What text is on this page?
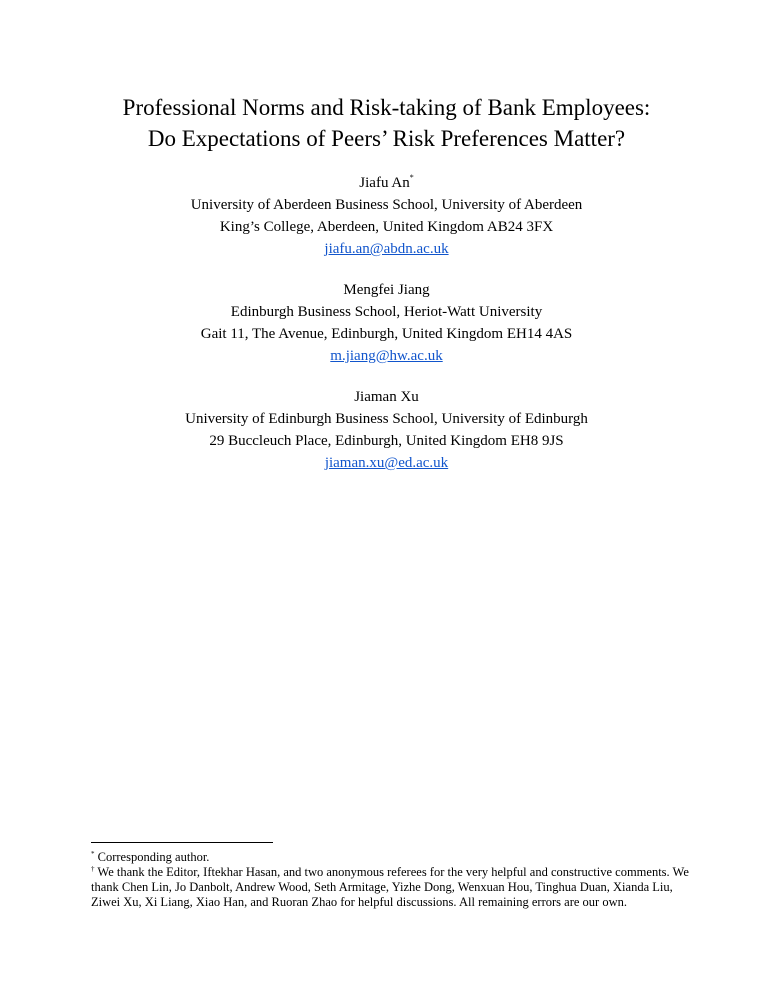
Professional Norms and Risk-taking of Bank Employees:
Do Expectations of Peers’ Risk Preferences Matter?
Jiafu An*
University of Aberdeen Business School, University of Aberdeen
King’s College, Aberdeen, United Kingdom AB24 3FX
jiafu.an@abdn.ac.uk
Mengfei Jiang
Edinburgh Business School, Heriot-Watt University
Gait 11, The Avenue, Edinburgh, United Kingdom EH14 4AS
m.jiang@hw.ac.uk
Jiaman Xu
University of Edinburgh Business School, University of Edinburgh
29 Buccleuch Place, Edinburgh, United Kingdom EH8 9JS
jiaman.xu@ed.ac.uk
* Corresponding author.
† We thank the Editor, Iftekhar Hasan, and two anonymous referees for the very helpful and constructive comments. We thank Chen Lin, Jo Danbolt, Andrew Wood, Seth Armitage, Yizhe Dong, Wenxuan Hou, Tinghua Duan, Xianda Liu, Ziwei Xu, Xi Liang, Xiao Han, and Ruoran Zhao for helpful discussions. All remaining errors are our own.
